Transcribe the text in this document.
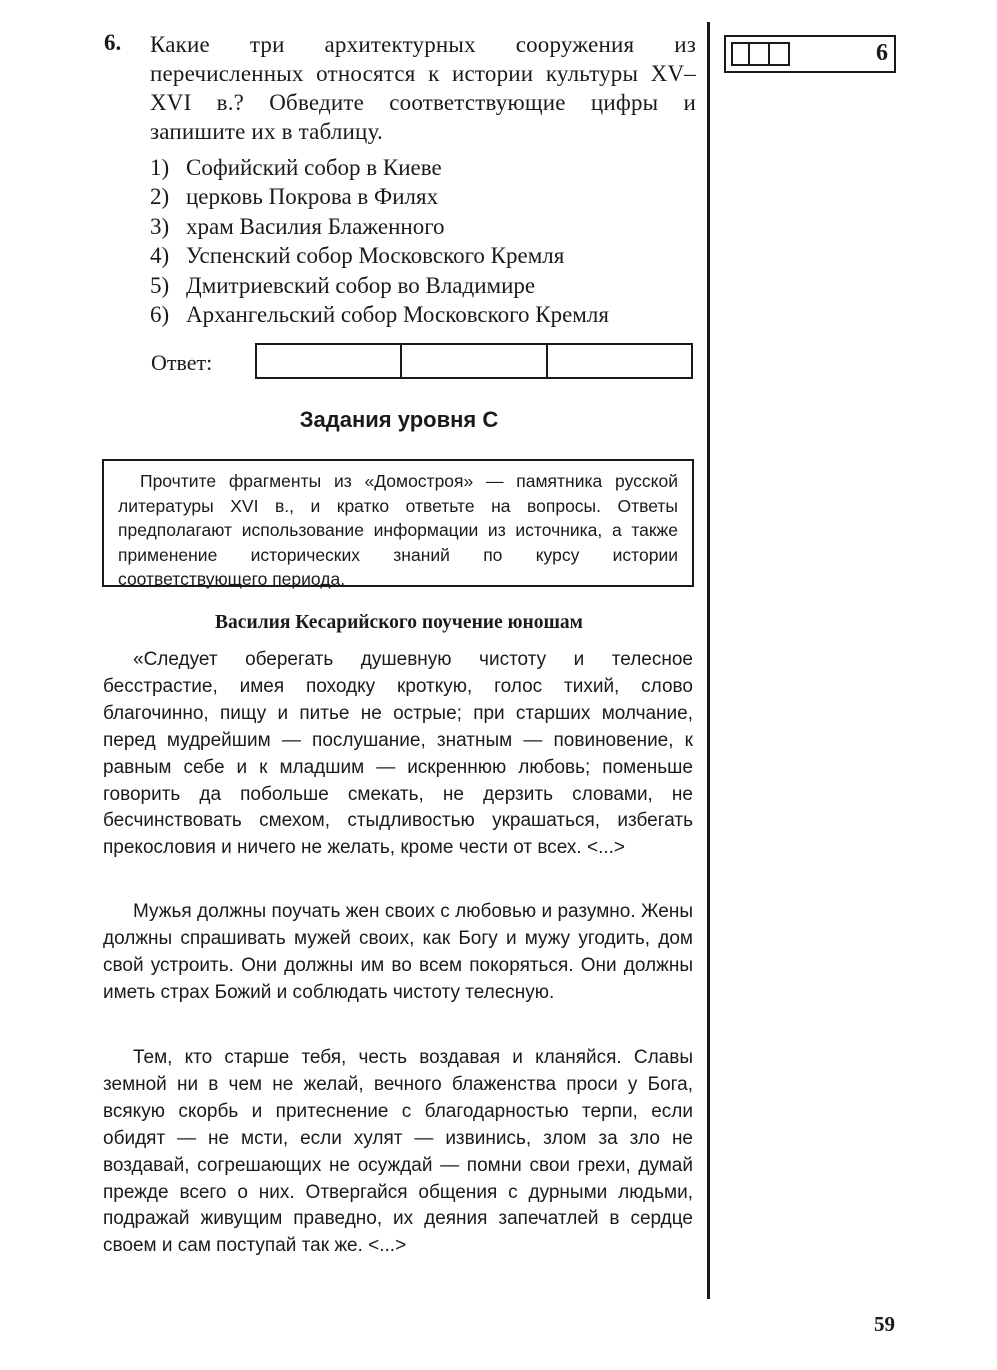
6. Какие три архитектурных сооружения из перечисленных относятся к истории культуры XV–XVI в.? Обведите соответствующие цифры и запишите их в таблицу.
1) Софийский собор в Киеве
2) церковь Покрова в Филях
3) храм Василия Блаженного
4) Успенский собор Московского Кремля
5) Дмитриевский собор во Владимире
6) Архангельский собор Московского Кремля
Ответ:
6
Задания уровня С
Прочтите фрагменты из «Домостроя» — памятника русской литературы XVI в., и кратко ответьте на вопросы. Ответы предполагают использование информации из источника, а также применение исторических знаний по курсу истории соответствующего периода.
Василия Кесарийского поучение юношам

«Следует оберегать душевную чистоту и телесное бесстрастие, имея походку кроткую, голос тихий, слово благочинно, пищу и питье не острые; при старших молчание, перед мудрейшим — послушание, знатным — повиновение, к равным себе и к младшим — искреннюю любовь; поменьше говорить да побольше смекать, не дерзить словами, не бесчинствовать смехом, стыдливостью украшаться, избегать прекословия и ничего не желать, кроме чести от всех. <...>

Мужья должны поучать жен своих с любовью и разумно. Жены должны спрашивать мужей своих, как Богу и мужу угодить, дом свой устроить. Они должны им во всем покоряться. Они должны иметь страх Божий и соблюдать чистоту телесную.

Тем, кто старше тебя, честь воздавая и кланяйся. Славы земной ни в чем не желай, вечного блаженства проси у Бога, всякую скорбь и притеснение с благодарностью терпи, если обидят — не мсти, если хулят — извинись, злом за зло не воздавай, согрешающих не осуждай — помни свои грехи, думай прежде всего о них. Отвергайся общения с дурными людьми, подражай живущим праведно, их деяния запечатлей в сердце своем и сам поступай так же. <...>

59
